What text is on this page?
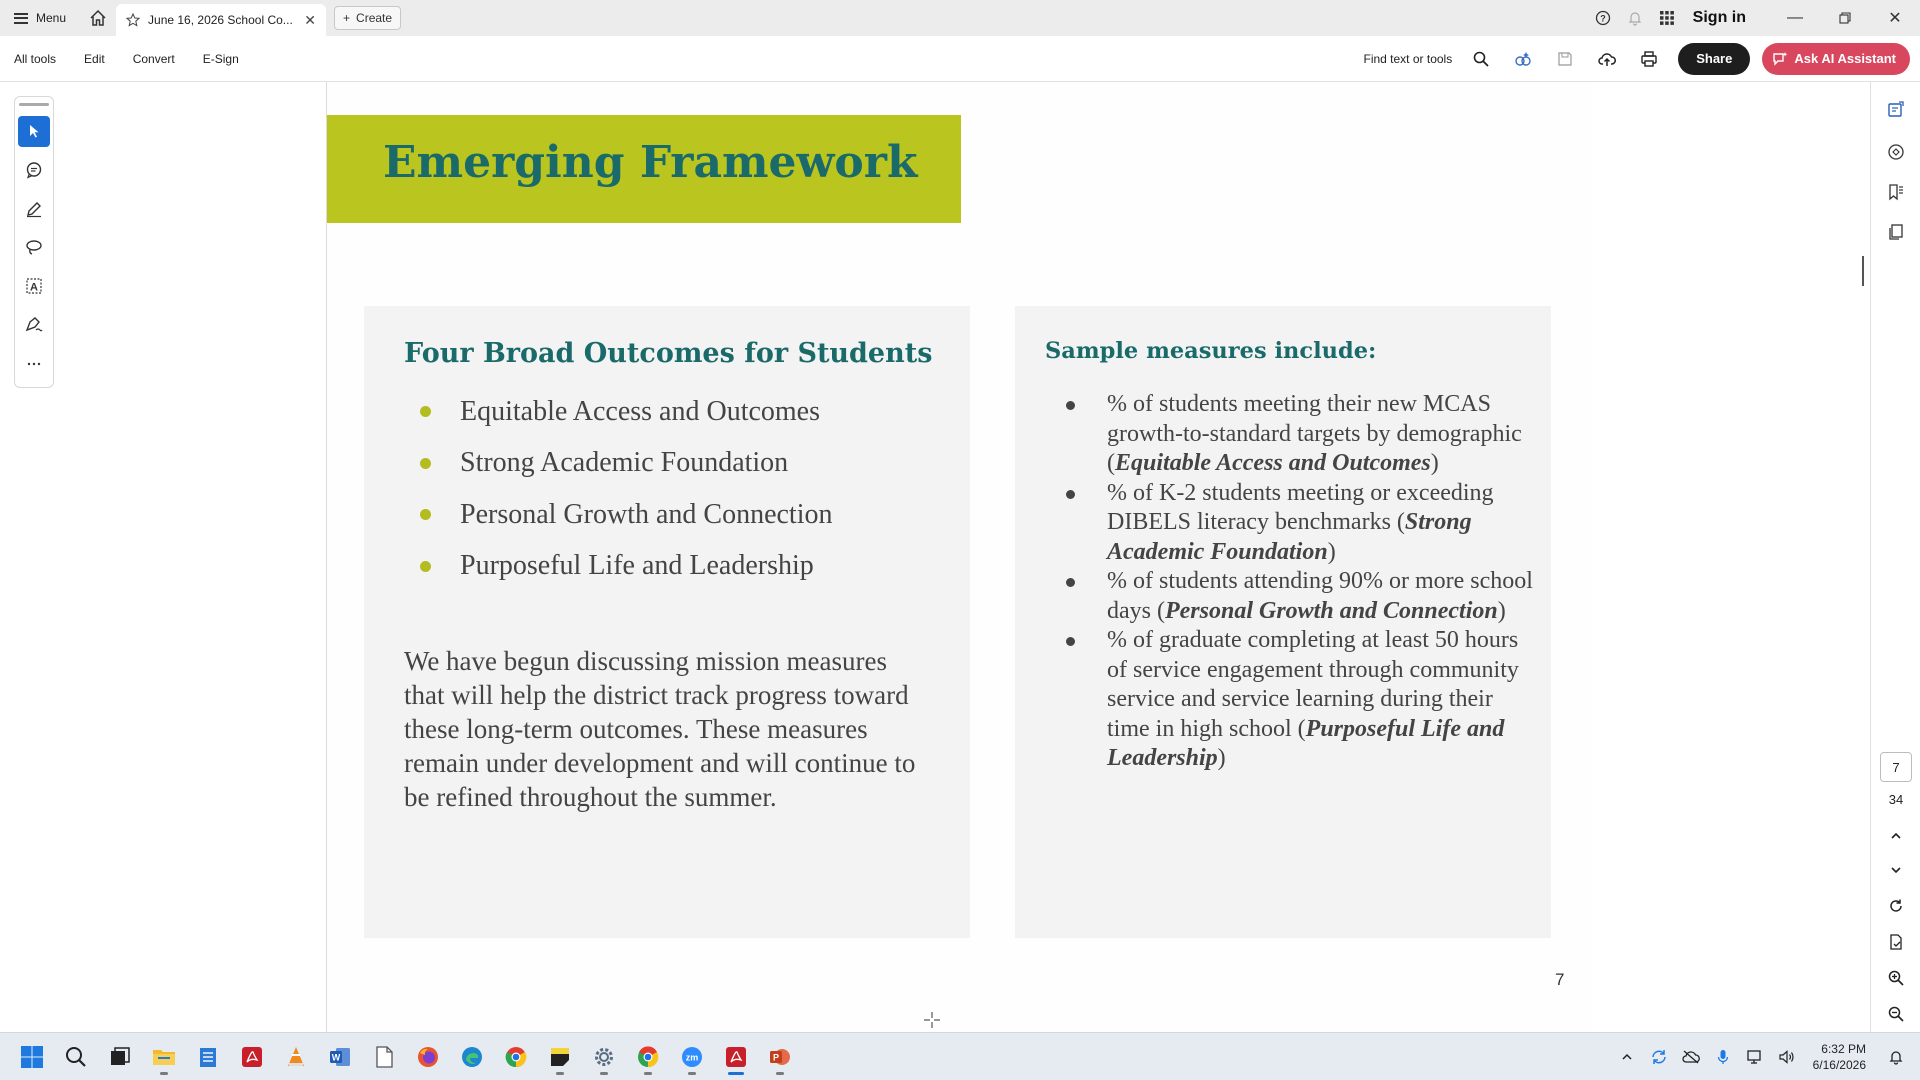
Menu	June 16, 2026 School Co... ✕ + Create	?	Sign in	—	✕
All tools	Edit	Convert	E-Sign	Find text or tools	Share	Ask AI Assistant
A
Emerging Framework
Four Broad Outcomes for Students
Equitable Access and Outcomes
Strong Academic Foundation
Personal Growth and Connection
Purposeful Life and Leadership

We have begun discussing mission measures that will help the district track progress toward these long-term outcomes. These measures remain under development and will continue to be refined throughout the summer.

Sample measures include:
% of students meeting their new MCAS growth-to-standard targets by demographic (Equitable Access and Outcomes)
% of K-2 students meeting or exceeding DIBELS literacy benchmarks (Strong Academic Foundation)
% of students attending 90% or more school days (Personal Growth and Connection)
% of graduate completing at least 50 hours of service engagement through community service and service learning during their time in high school (Purposeful Life and Leadership)
7
7
34
W	zm	P
6:32 PM
6/16/2026
